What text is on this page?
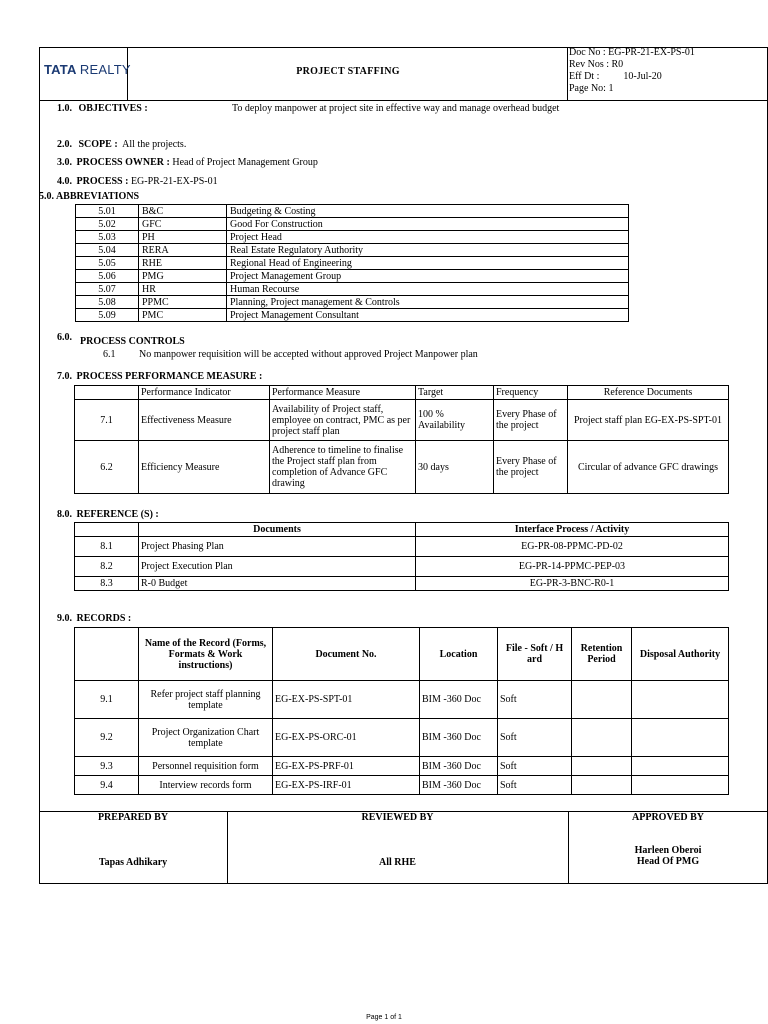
TATA REALTY	PROJECT STAFFING
Doc No : EG-PR-21-EX-PS-01
Rev Nos : R0
Eff Dt : 10-Jul-20
Page No: 1
1.0. OBJECTIVES :	To deploy manpower at project site in effective way and manage overhead budget
2.0. SCOPE : All the projects.
3.0. PROCESS OWNER : Head of Project Management Group
4.0. PROCESS : EG-PR-21-EX-PS-01
5.0. ABBREVIATIONS
5.01	B&C	Budgeting & Costing
5.02	GFC	Good For Construction
5.03	PH	Project Head
5.04	RERA	Real Estate Regulatory Authority
5.05	RHE	Regional Head of Engineering
5.06	PMG	Project Management Group
5.07	HR	Human Recourse
5.08	PPMC	Planning, Project management & Controls
5.09	PMC	Project Management Consultant
6.0. PROCESS CONTROLS
6.1 No manpower requisition will be accepted without approved Project Manpower plan
7.0. PROCESS PERFORMANCE MEASURE :
	Performance Indicator	Performance Measure	Target	Frequency	Reference Documents
7.1	Effectiveness Measure	Availability of Project staff, employee on contract, PMC as per project staff plan	100 % Availability	Every Phase of the project	Project staff plan EG-EX-PS-SPT-01
6.2	Efficiency Measure	Adherence to timeline to finalise the Project staff plan from completion of Advance GFC drawing	30 days	Every Phase of the project	Circular of advance GFC drawings
8.0. REFERENCE (S) :
	Documents	Interface Process / Activity
8.1	Project Phasing Plan	EG-PR-08-PPMC-PD-02
8.2	Project Execution Plan	EG-PR-14-PPMC-PEP-03
8.3	R-0 Budget	EG-PR-3-BNC-R0-1
9.0. RECORDS :
	Name of the Record (Forms, Formats & Work instructions)	Document No.	Location	File - Soft / H ard	Retention Period	Disposal Authority
9.1	Refer project staff planning template	EG-EX-PS-SPT-01	BIM -360 Doc	Soft		
9.2	Project Organization Chart template	EG-EX-PS-ORC-01	BIM -360 Doc	Soft		
9.3	Personnel requisition form	EG-EX-PS-PRF-01	BIM -360 Doc	Soft		
9.4	Interview records form	EG-EX-PS-IRF-01	BIM -360 Doc	Soft		
PREPARED BY
Tapas Adhikary
REVIEWED BY
All RHE
APPROVED BY
Harleen Oberoi
Head Of PMG
Page 1 of 1
